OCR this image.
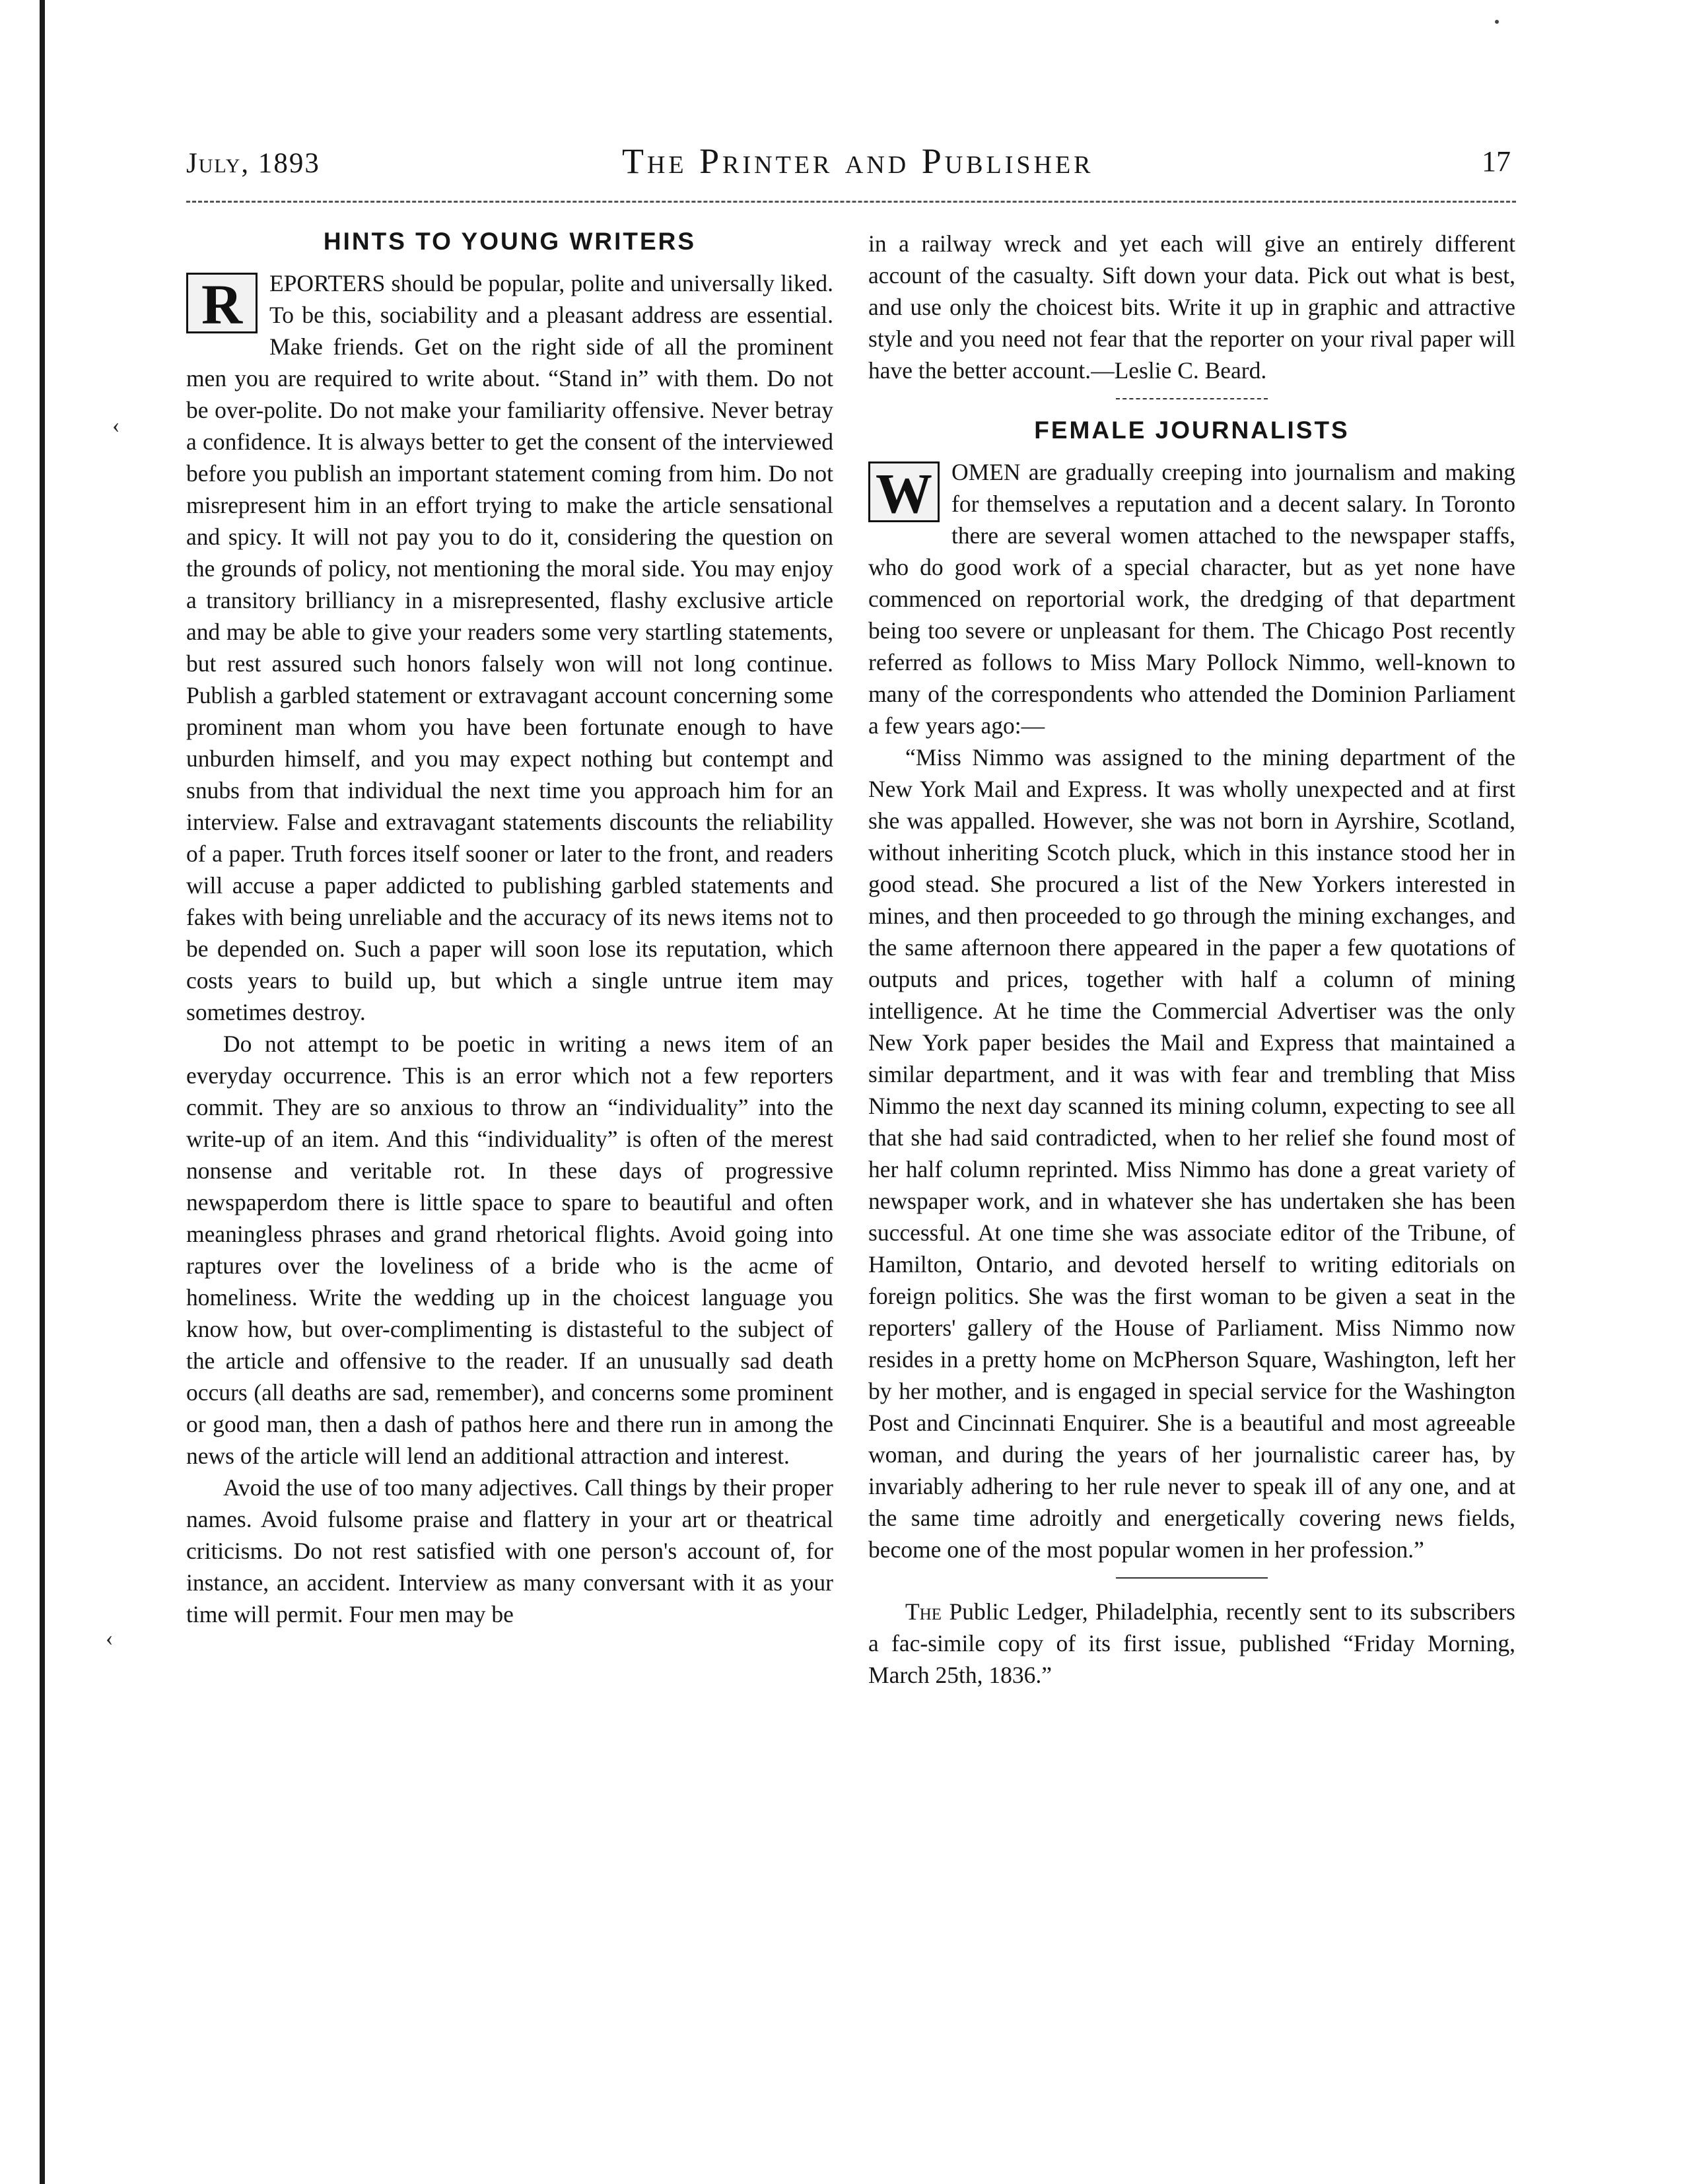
‹
‹
July, 1893	The Printer and Publisher	17
HINTS TO YOUNG WRITERS

R	EPORTERS should be popular, polite and universally liked. To be this, sociability and a pleasant address are essential. Make friends. Get on the right side of all the prominent men you are required to write about. “Stand in” with them. Do not be over-polite. Do not make your familiarity offensive. Never betray a confidence. It is always better to get the consent of the interviewed before you publish an important statement coming from him. Do not misrepresent him in an effort trying to make the article sensational and spicy. It will not pay you to do it, considering the question on the grounds of policy, not mentioning the moral side. You may enjoy a transitory brilliancy in a misrepresented, flashy exclusive article and may be able to give your readers some very startling statements, but rest assured such honors falsely won will not long continue. Publish a garbled statement or extravagant account concerning some prominent man whom you have been fortunate enough to have unburden himself, and you may expect nothing but contempt and snubs from that individual the next time you approach him for an interview. False and extravagant statements discounts the reliability of a paper. Truth forces itself sooner or later to the front, and readers will accuse a paper addicted to publishing garbled statements and fakes with being unreliable and the accuracy of its news items not to be depended on. Such a paper will soon lose its reputation, which costs years to build up, but which a single untrue item may sometimes destroy.

Do not attempt to be poetic in writing a news item of an everyday occurrence. This is an error which not a few reporters commit. They are so anxious to throw an “individuality” into the write-up of an item. And this “individuality” is often of the merest nonsense and veritable rot. In these days of progressive newspaperdom there is little space to spare to beautiful and often meaningless phrases and grand rhetorical flights. Avoid going into raptures over the loveliness of a bride who is the acme of homeliness. Write the wedding up in the choicest language you know how, but over-complimenting is distasteful to the subject of the article and offensive to the reader. If an unusually sad death occurs (all deaths are sad, remember), and concerns some prominent or good man, then a dash of pathos here and there run in among the news of the article will lend an additional attraction and interest.

Avoid the use of too many adjectives. Call things by their proper names. Avoid fulsome praise and flattery in your art or theatrical criticisms. Do not rest satisfied with one person's account of, for instance, an accident. Interview as many conversant with it as your time will permit. Four men may be

in a railway wreck and yet each will give an entirely different account of the casualty. Sift down your data. Pick out what is best, and use only the choicest bits. Write it up in graphic and attractive style and you need not fear that the reporter on your rival paper will have the better account.—Leslie C. Beard.

FEMALE JOURNALISTS

W OMEN are gradually creeping into journalism and making for themselves a reputation and a decent salary. In Toronto there are several women attached to the newspaper staffs, who do good work of a special character, but as yet none have commenced on reportorial work, the dredging of that department being too severe or unpleasant for them. The Chicago Post recently referred as follows to Miss Mary Pollock Nimmo, well-known to many of the correspondents who attended the Dominion Parliament a few years ago:—

“Miss Nimmo was assigned to the mining department of the New York Mail and Express. It was wholly unexpected and at first she was appalled. However, she was not born in Ayrshire, Scotland, without inheriting Scotch pluck, which in this instance stood her in good stead. She procured a list of the New Yorkers interested in mines, and then proceeded to go through the mining exchanges, and the same afternoon there appeared in the paper a few quotations of outputs and prices, together with half a column of mining intelligence. At he time the Commercial Advertiser was the only New York paper besides the Mail and Express that maintained a similar department, and it was with fear and trembling that Miss Nimmo the next day scanned its mining column, expecting to see all that she had said contradicted, when to her relief she found most of her half column reprinted. Miss Nimmo has done a great variety of newspaper work, and in whatever she has undertaken she has been successful. At one time she was associate editor of the Tribune, of Hamilton, Ontario, and devoted herself to writing editorials on foreign politics. She was the first woman to be given a seat in the reporters' gallery of the House of Parliament. Miss Nimmo now resides in a pretty home on McPherson Square, Washington, left her by her mother, and is engaged in special service for the Washington Post and Cincinnati Enquirer. She is a beautiful and most agreeable woman, and during the years of her journalistic career has, by invariably adhering to her rule never to speak ill of any one, and at the same time adroitly and energetically covering news fields, become one of the most popular women in her profession.”

The Public Ledger, Philadelphia, recently sent to its subscribers a fac-simile copy of its first issue, published “Friday Morning, March 25th, 1836.”
